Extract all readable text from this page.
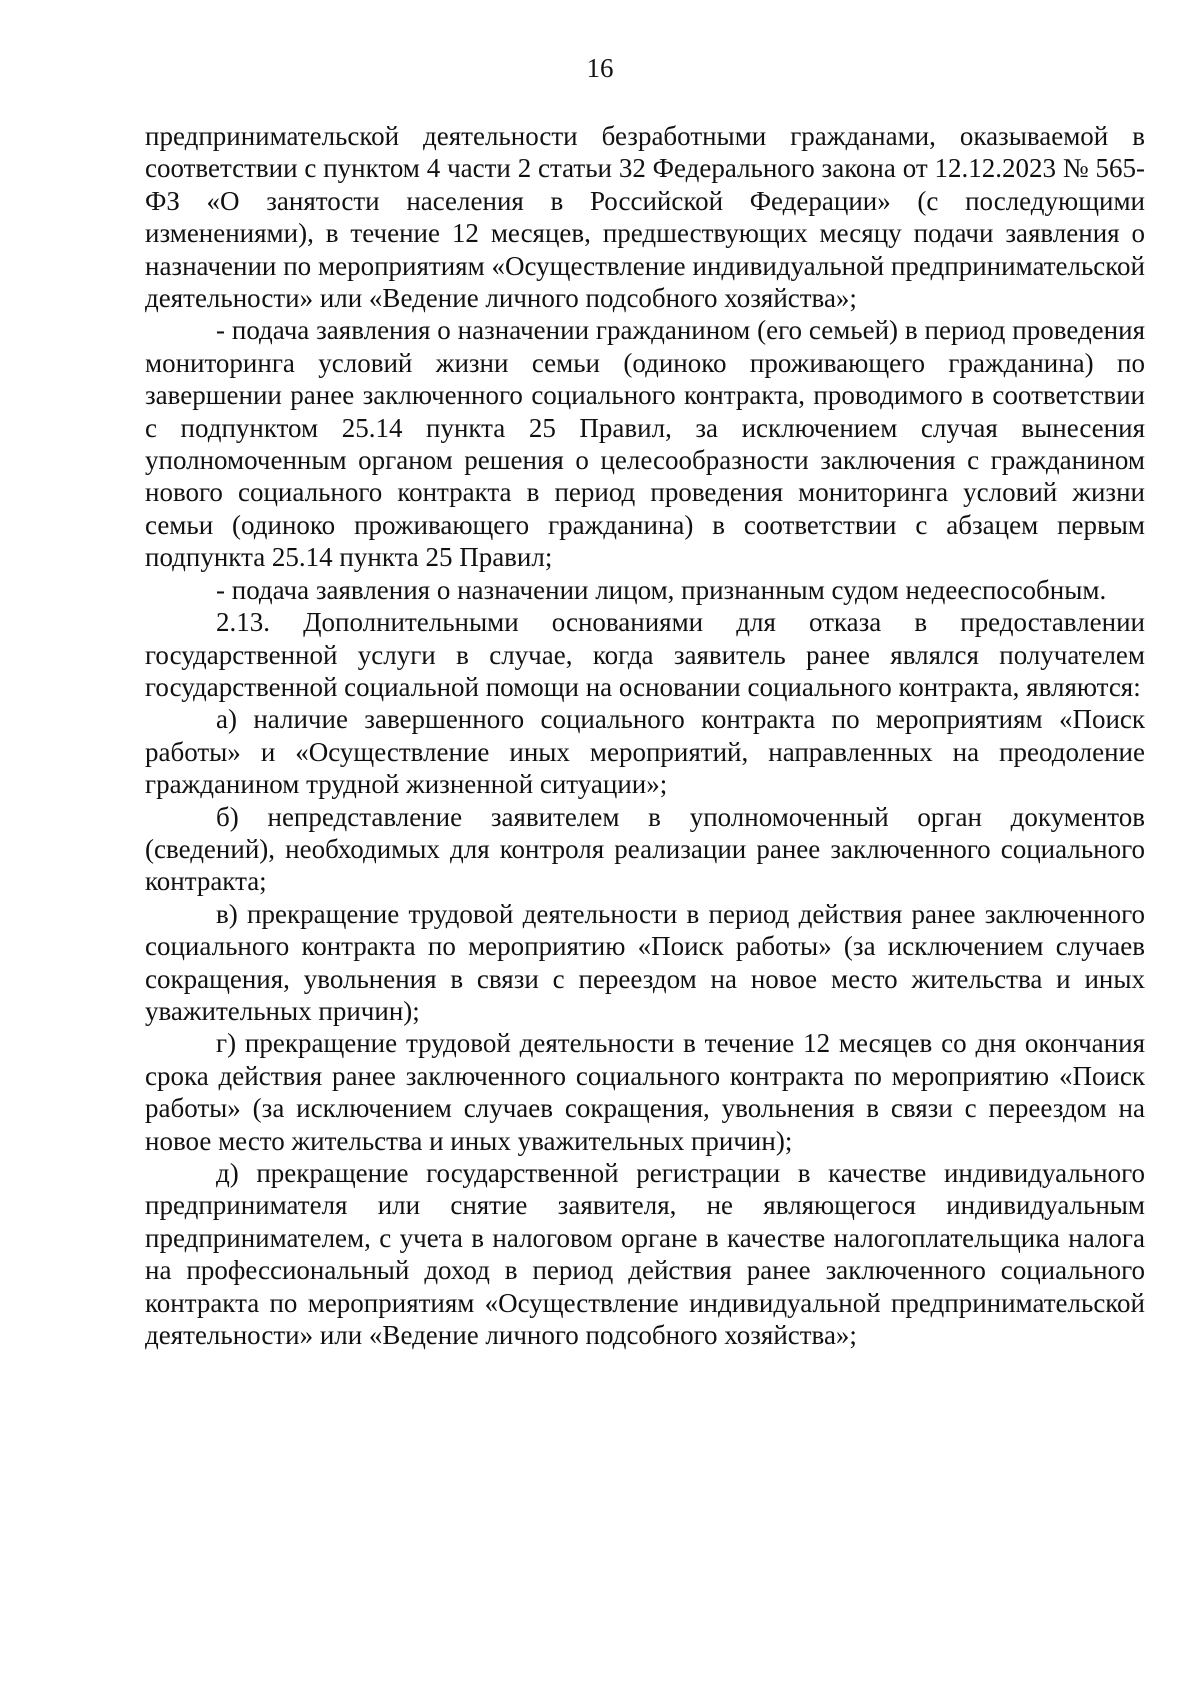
16

предпринимательской деятельности безработными гражданами, оказываемой в соответствии с пунктом 4 части 2 статьи 32 Федерального закона от 12.12.2023 № 565-ФЗ «О занятости населения в Российской Федерации» (с последующими изменениями), в течение 12 месяцев, предшествующих месяцу подачи заявления о назначении по мероприятиям «Осуществление индивидуальной предпринимательской деятельности» или «Ведение личного подсобного хозяйства»;

- подача заявления о назначении гражданином (его семьей) в период проведения мониторинга условий жизни семьи (одиноко проживающего гражданина) по завершении ранее заключенного социального контракта, проводимого в соответствии с подпунктом 25.14 пункта 25 Правил, за исключением случая вынесения уполномоченным органом решения о целесообразности заключения с гражданином нового социального контракта в период проведения мониторинга условий жизни семьи (одиноко проживающего гражданина) в соответствии с абзацем первым подпункта 25.14 пункта 25 Правил;

- подача заявления о назначении лицом, признанным судом недееспособным.

2.13. Дополнительными основаниями для отказа в предоставлении государственной услуги в случае, когда заявитель ранее являлся получателем государственной социальной помощи на основании социального контракта, являются:

а) наличие завершенного социального контракта по мероприятиям «Поиск работы» и «Осуществление иных мероприятий, направленных на преодоление гражданином трудной жизненной ситуации»;

б) непредставление заявителем в уполномоченный орган документов (сведений), необходимых для контроля реализации ранее заключенного социального контракта;

в) прекращение трудовой деятельности в период действия ранее заключенного социального контракта по мероприятию «Поиск работы» (за исключением случаев сокращения, увольнения в связи с переездом на новое место жительства и иных уважительных причин);

г) прекращение трудовой деятельности в течение 12 месяцев со дня окончания срока действия ранее заключенного социального контракта по мероприятию «Поиск работы» (за исключением случаев сокращения, увольнения в связи с переездом на новое место жительства и иных уважительных причин);

д) прекращение государственной регистрации в качестве индивидуального предпринимателя или снятие заявителя, не являющегося индивидуальным предпринимателем, с учета в налоговом органе в качестве налогоплательщика налога на профессиональный доход в период действия ранее заключенного социального контракта по мероприятиям «Осуществление индивидуальной предпринимательской деятельности» или «Ведение личного подсобного хозяйства»;
